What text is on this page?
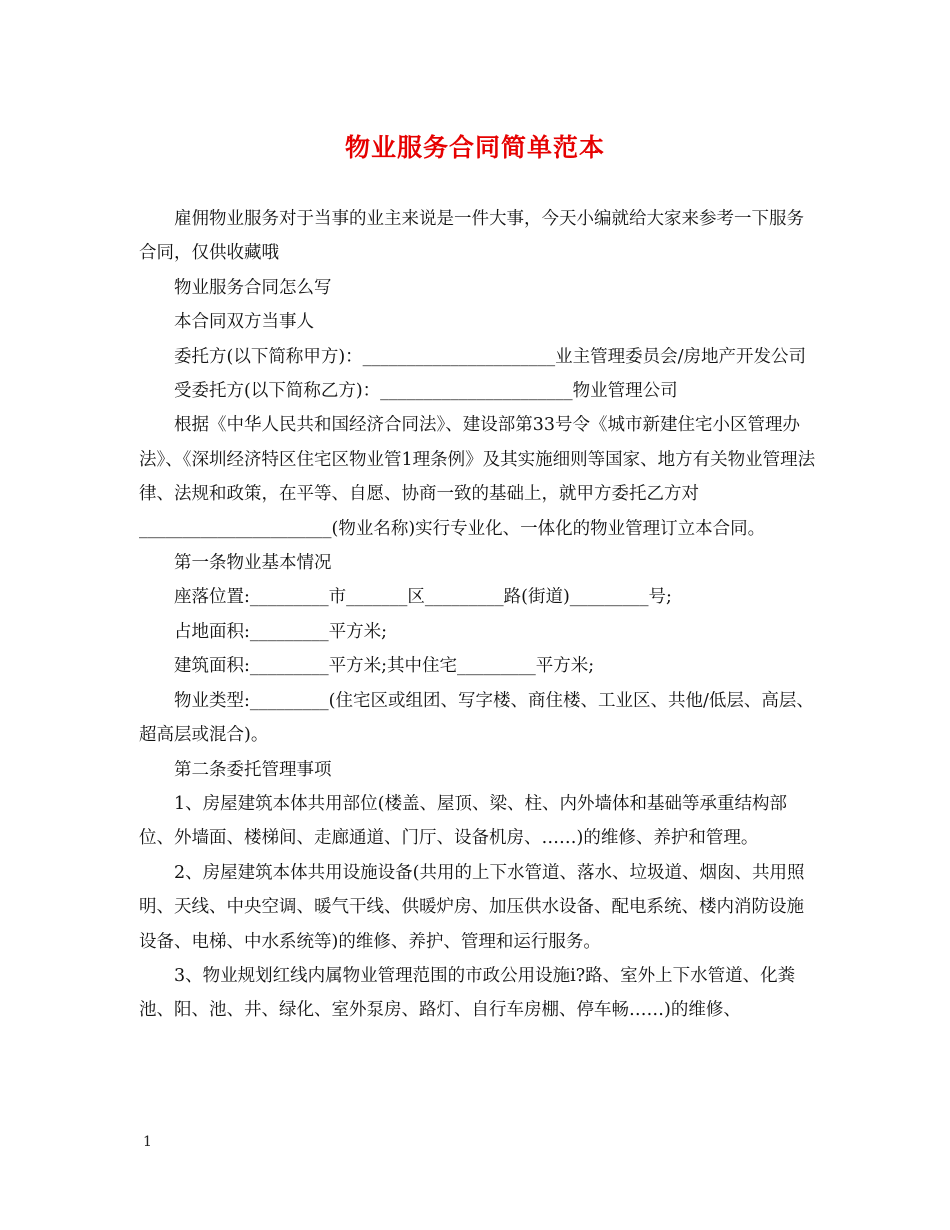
物业服务合同简单范本

雇佣物业服务对于当事的业主来说是一件大事，今天小编就给大家来参考一下服务合同，仅供收藏哦

物业服务合同怎么写

本合同双方当事人

委托方(以下简称甲方)：______________________业主管理委员会/房地产开发公司

受委托方(以下简称乙方)：______________________物业管理公司

根据《中华人民共和国经济合同法》、建设部第33号令《城市新建住宅小区管理办法》、《深圳经济特区住宅区物业管1理条例》及其实施细则等国家、地方有关物业管理法律、法规和政策，在平等、自愿、协商一致的基础上，就甲方委托乙方对______________________(物业名称)实行专业化、一体化的物业管理订立本合同。

第一条物业基本情况

座落位置:_________市_______区_________路(街道)_________号;

占地面积:_________平方米;

建筑面积:_________平方米;其中住宅_________平方米;

物业类型:_________(住宅区或组团、写字楼、商住楼、工业区、共他/低层、高层、超高层或混合)。

第二条委托管理事项

1、房屋建筑本体共用部位(楼盖、屋顶、梁、柱、内外墙体和基础等承重结构部位、外墙面、楼梯间、走廊通道、门厅、设备机房、……)的维修、养护和管理。

2、房屋建筑本体共用设施设备(共用的上下水管道、落水、垃圾道、烟囱、共用照明、天线、中央空调、暖气干线、供暖炉房、加压供水设备、配电系统、楼内消防设施设备、电梯、中水系统等)的维修、养护、管理和运行服务。

3、物业规划红线内属物业管理范围的市政公用设施i?路、室外上下水管道、化粪池、阳、池、井、绿化、室外泵房、路灯、自行车房棚、停车畅……)的维修、

1
